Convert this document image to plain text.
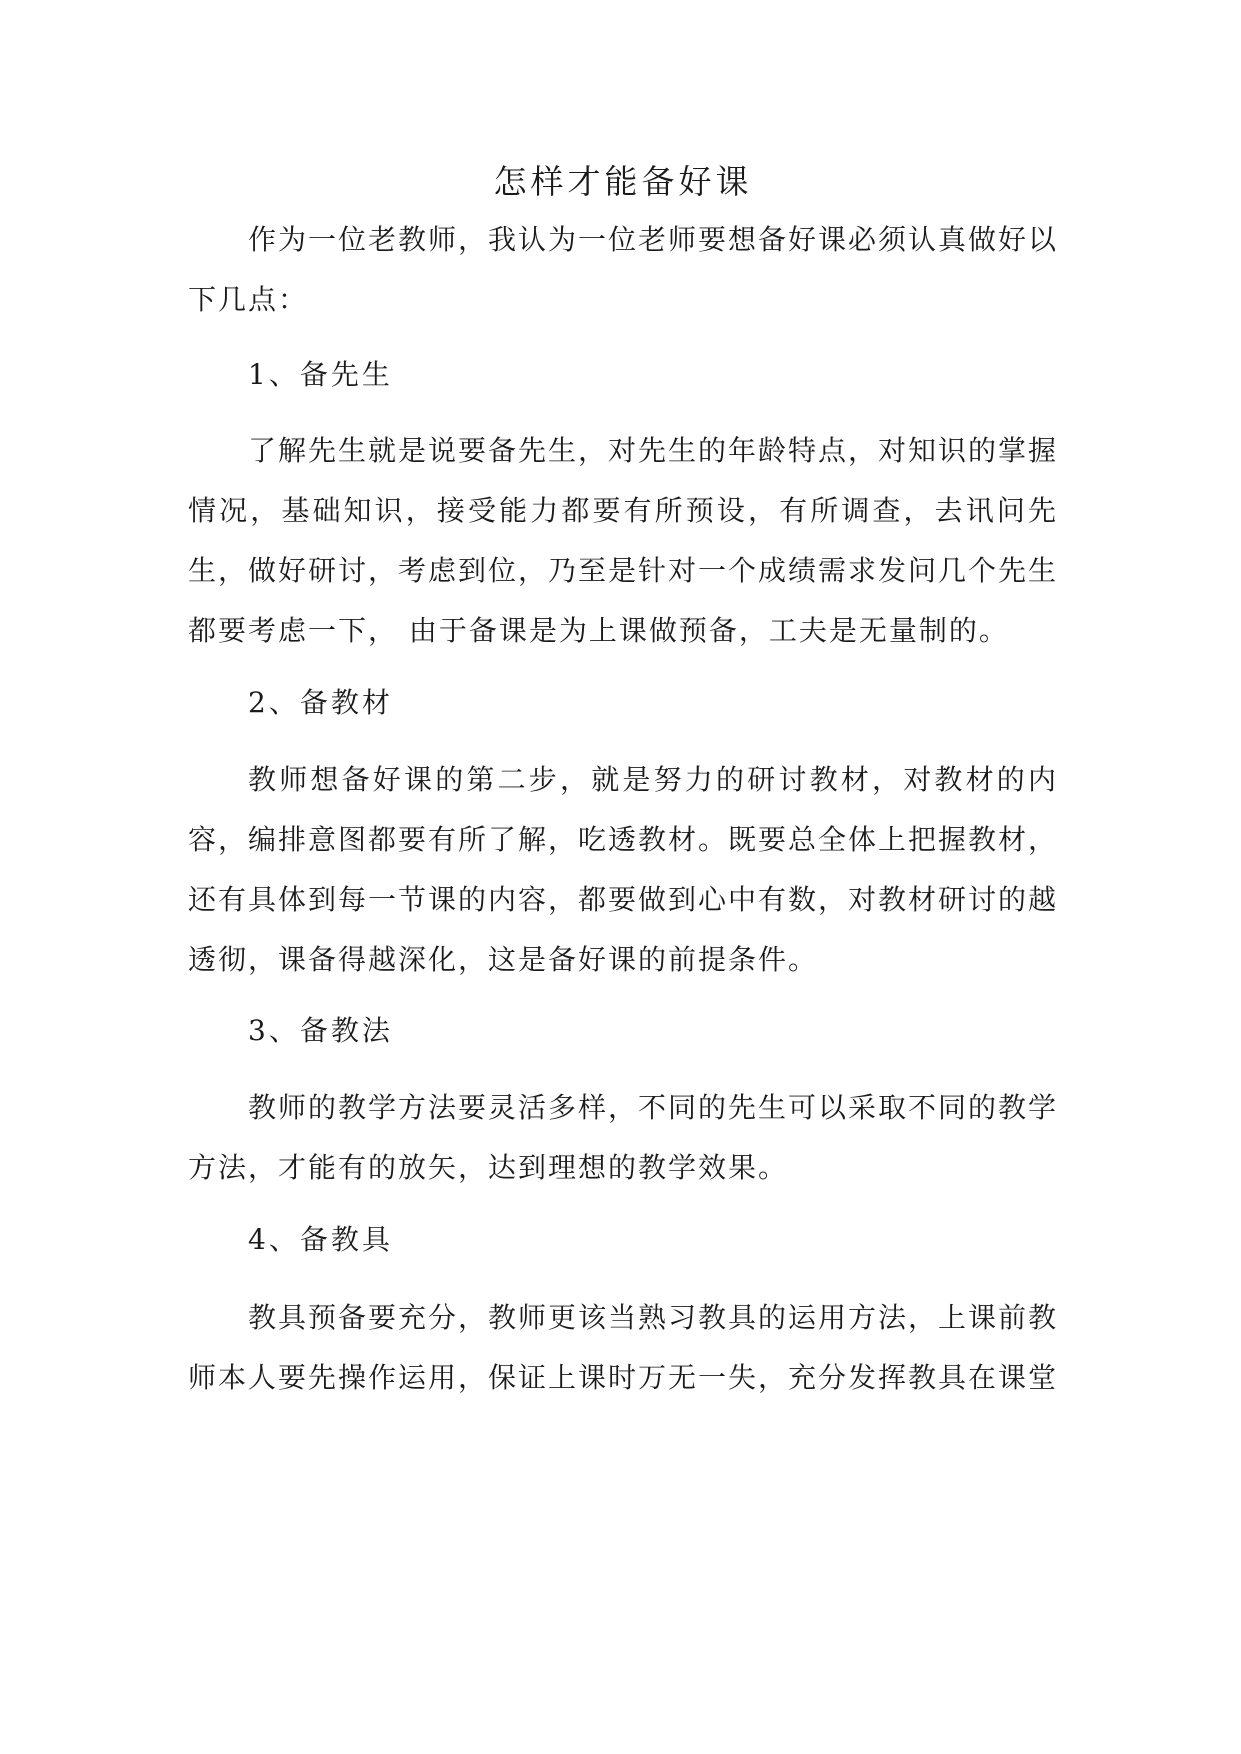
怎样才能备好课

作为一位老教师，我认为一位老师要想备好课必须认真做好以下几点：

1、备先生

了解先生就是说要备先生，对先生的年龄特点，对知识的掌握情况，基础知识，接受能力都要有所预设，有所调查，去讯问先生，做好研讨，考虑到位，乃至是针对一个成绩需求发问几个先生都要考虑一下， 由于备课是为上课做预备，工夫是无量制的。

2、备教材

教师想备好课的第二步，就是努力的研讨教材，对教材的内容，编排意图都要有所了解，吃透教材。既要总全体上把握教材，还有具体到每一节课的内容，都要做到心中有数，对教材研讨的越透彻，课备得越深化，这是备好课的前提条件。

3、备教法

教师的教学方法要灵活多样，不同的先生可以采取不同的教学方法，才能有的放矢，达到理想的教学效果。

4、备教具

教具预备要充分，教师更该当熟习教具的运用方法，上课前教师本人要先操作运用，保证上课时万无一失，充分发挥教具在课堂
